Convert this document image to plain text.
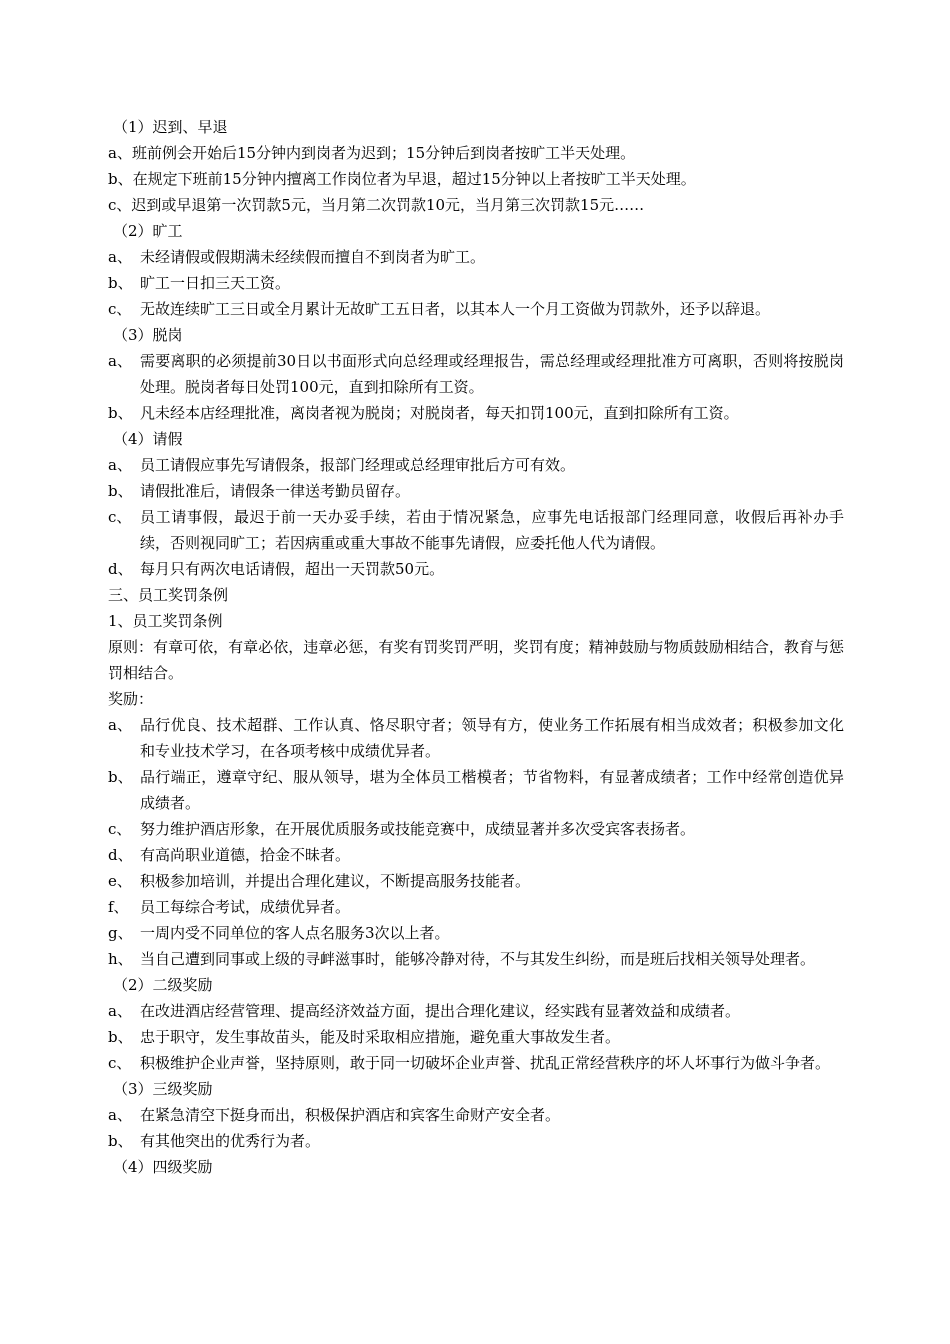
（1）迟到、早退
a、班前例会开始后15分钟内到岗者为迟到；15分钟后到岗者按旷工半天处理。
b、在规定下班前15分钟内擅离工作岗位者为早退，超过15分钟以上者按旷工半天处理。
c、迟到或早退第一次罚款5元，当月第二次罚款10元，当月第三次罚款15元……
（2）旷工
a、 未经请假或假期满未经续假而擅自不到岗者为旷工。
b、 旷工一日扣三天工资。
c、 无故连续旷工三日或全月累计无故旷工五日者，以其本人一个月工资做为罚款外，还予以辞退。
（3）脱岗
a、 需要离职的必须提前30日以书面形式向总经理或经理报告，需总经理或经理批准方可离职，否则将按脱岗处理。脱岗者每日处罚100元，直到扣除所有工资。
b、 凡未经本店经理批准，离岗者视为脱岗；对脱岗者，每天扣罚100元，直到扣除所有工资。
（4）请假
a、 员工请假应事先写请假条，报部门经理或总经理审批后方可有效。
b、 请假批准后，请假条一律送考勤员留存。
c、 员工请事假，最迟于前一天办妥手续，若由于情况紧急，应事先电话报部门经理同意，收假后再补办手续，否则视同旷工；若因病重或重大事故不能事先请假，应委托他人代为请假。
d、 每月只有两次电话请假，超出一天罚款50元。
三、员工奖罚条例
1、员工奖罚条例
原则：有章可依，有章必依，违章必惩，有奖有罚奖罚严明，奖罚有度；精神鼓励与物质鼓励相结合，教育与惩罚相结合。
奖励：
a、 品行优良、技术超群、工作认真、恪尽职守者；领导有方，使业务工作拓展有相当成效者；积极参加文化和专业技术学习，在各项考核中成绩优异者。
b、 品行端正，遵章守纪、服从领导，堪为全体员工楷模者；节省物料，有显著成绩者；工作中经常创造优异成绩者。
c、 努力维护酒店形象，在开展优质服务或技能竞赛中，成绩显著并多次受宾客表扬者。
d、 有高尚职业道德，拾金不昧者。
e、 积极参加培训，并提出合理化建议，不断提高服务技能者。
f、 员工每综合考试，成绩优异者。
g、 一周内受不同单位的客人点名服务3次以上者。
h、 当自己遭到同事或上级的寻衅滋事时，能够冷静对待，不与其发生纠纷，而是班后找相关领导处理者。
（2）二级奖励
a、 在改进酒店经营管理、提高经济效益方面，提出合理化建议，经实践有显著效益和成绩者。
b、 忠于职守，发生事故苗头，能及时采取相应措施，避免重大事故发生者。
c、 积极维护企业声誉，坚持原则，敢于同一切破坏企业声誉、扰乱正常经营秩序的坏人坏事行为做斗争者。
（3）三级奖励
a、 在紧急清空下挺身而出，积极保护酒店和宾客生命财产安全者。
b、 有其他突出的优秀行为者。
（4）四级奖励
